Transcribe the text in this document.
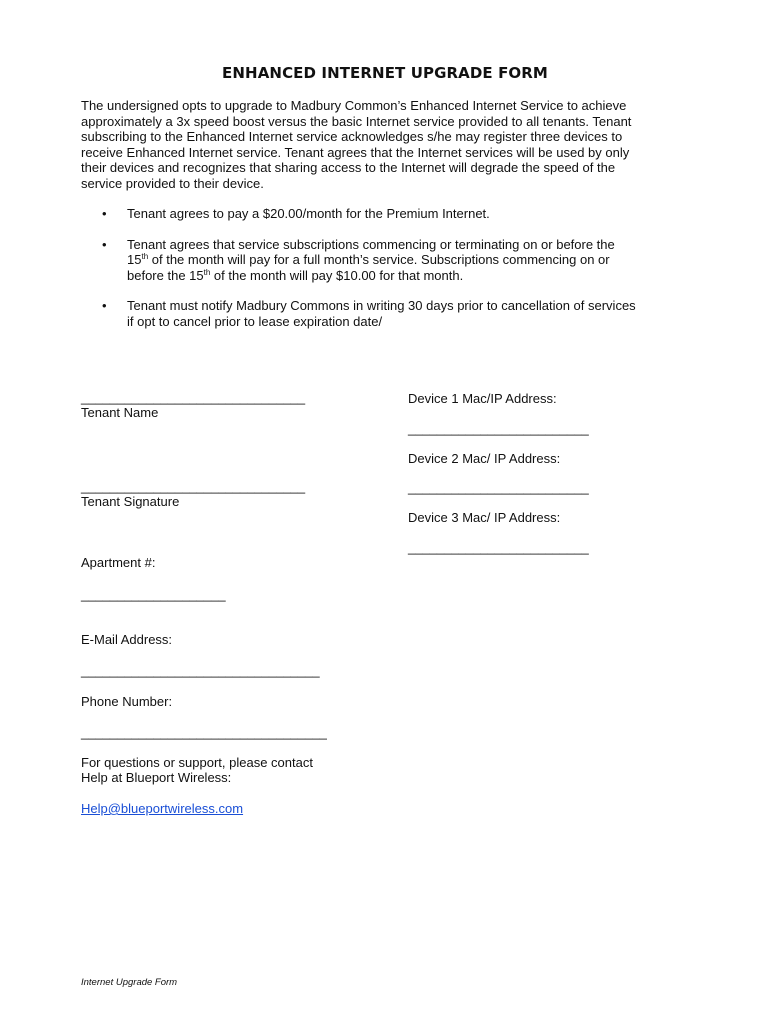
ENHANCED INTERNET UPGRADE FORM
The undersigned opts to upgrade to Madbury Common’s Enhanced Internet Service to achieve
approximately a 3x speed boost versus the basic Internet service provided to all tenants. Tenant
subscribing to the Enhanced Internet service acknowledges s/he may register three devices to
receive Enhanced Internet service. Tenant agrees that the Internet services will be used by only
their devices and recognizes that sharing access to the Internet will degrade the speed of the
service provided to their device.
• Tenant agrees to pay a $20.00/month for the Premium Internet.
• Tenant agrees that service subscriptions commencing or terminating on or before the
15th of the month will pay for a full month’s service. Subscriptions commencing on or
before the 15th of the month will pay $10.00 for that month.
• Tenant must notify Madbury Commons in writing 30 days prior to cancellation of services
if opt to cancel prior to lease expiration date/
_______________________________
Tenant Name
_______________________________
Tenant Signature
Apartment #:
____________________
E-Mail Address:
_________________________________
Phone Number:
__________________________________
For questions or support, please contact
Help at Blueport Wireless:
Help@blueportwireless.com
Device 1 Mac/IP Address:
_________________________
Device 2 Mac/ IP Address:
_________________________
Device 3 Mac/ IP Address:
_________________________
Internet Upgrade Form
